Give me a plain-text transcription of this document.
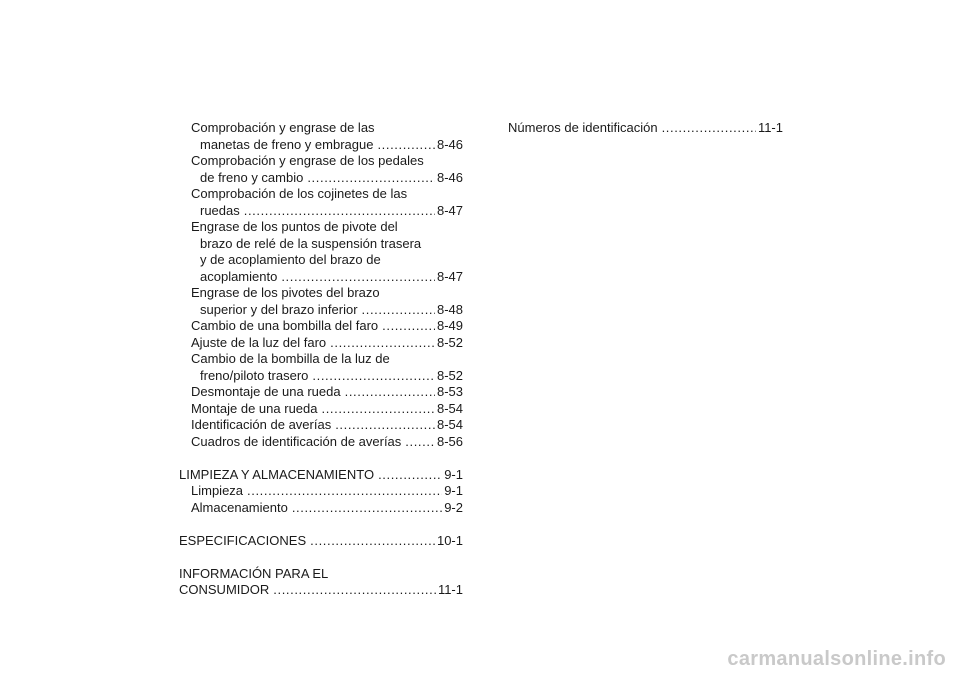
Comprobación y engrase de las
manetas de freno y embrague .....	8-46
Comprobación y engrase de los pedales
de freno y cambio .....	8-46
Comprobación de los cojinetes de las
ruedas .....	8-47
Engrase de los puntos de pivote del
brazo de relé de la suspensión trasera
y de acoplamiento del brazo de
acoplamiento .....	8-47
Engrase de los pivotes del brazo
superior y del brazo inferior .....	8-48
Cambio de una bombilla del faro .....	8-49
Ajuste de la luz del faro .....	8-52
Cambio de la bombilla de la luz de
freno/piloto trasero .....	8-52
Desmontaje de una rueda .....	8-53
Montaje de una rueda .....	8-54
Identificación de averías .....	8-54
Cuadros de identificación de averías .....	8-56
LIMPIEZA Y ALMACENAMIENTO .....	9-1
Limpieza .....	9-1
Almacenamiento .....	9-2
ESPECIFICACIONES .....	10-1
INFORMACIÓN PARA EL
CONSUMIDOR .....	11-1
Números de identificación .....	11-1
carmanualsonline.info
